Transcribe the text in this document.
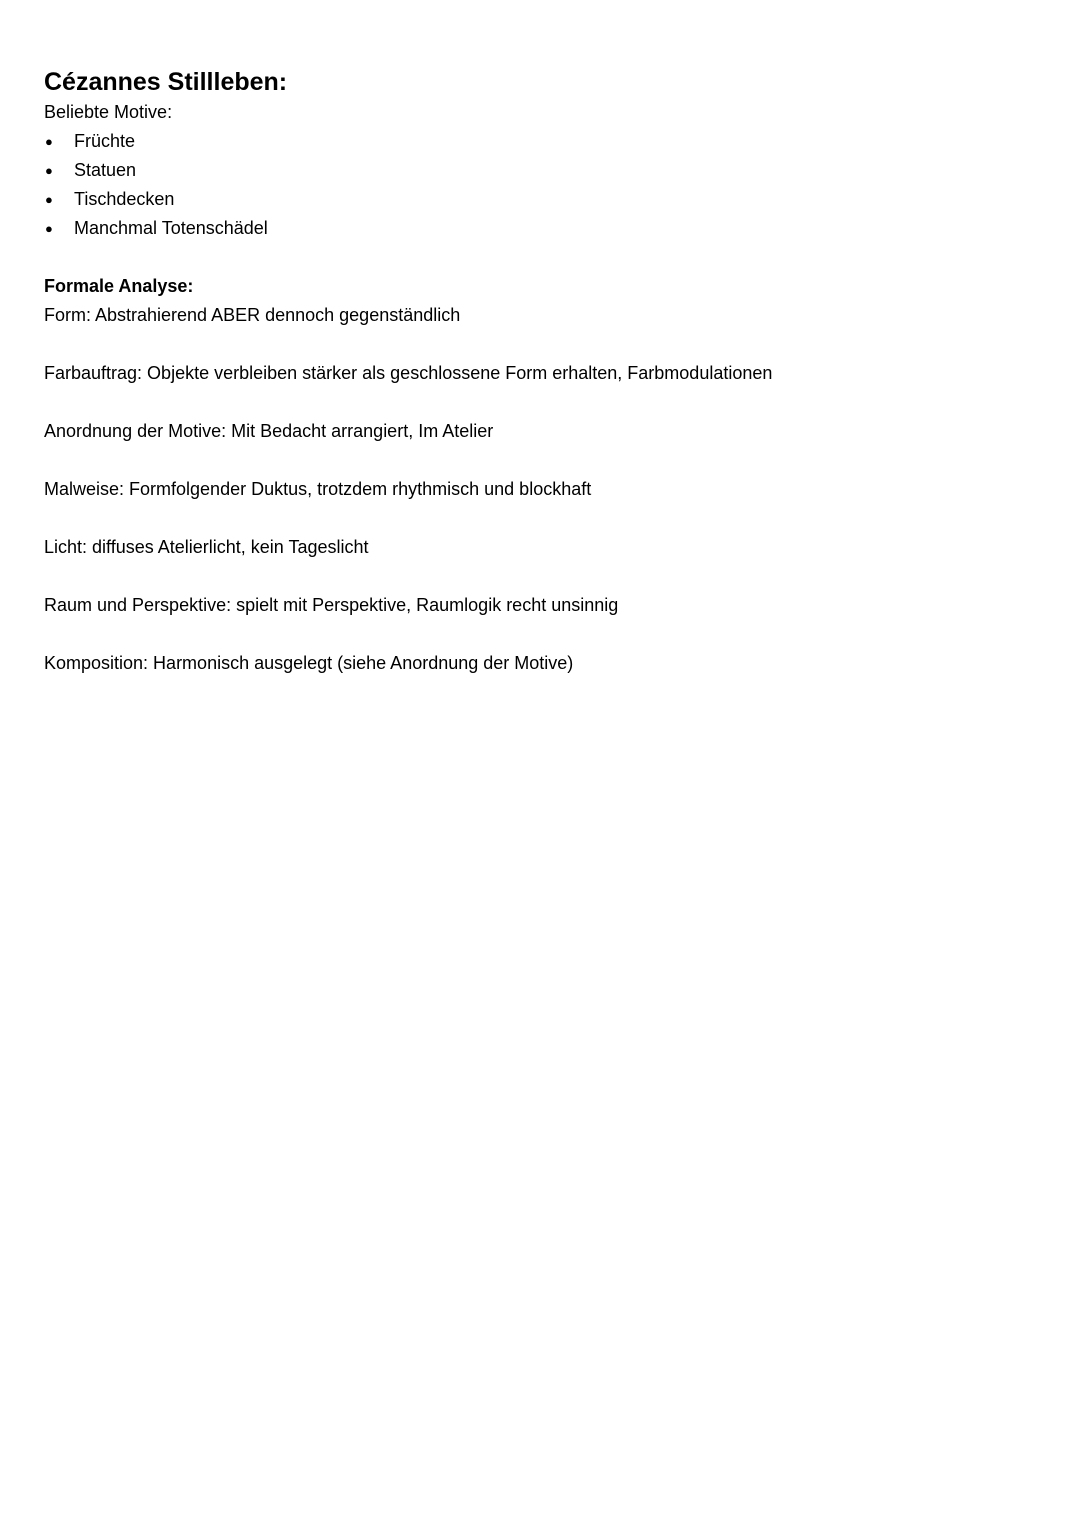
Cézannes Stillleben:

Beliebte Motive:

● Früchte
● Statuen
● Tischdecken
● Manchmal Totenschädel

Formale Analyse:

Form: Abstrahierend ABER dennoch gegenständlich

Farbauftrag: Objekte verbleiben stärker als geschlossene Form erhalten, Farbmodulationen

Anordnung der Motive: Mit Bedacht arrangiert, Im Atelier

Malweise: Formfolgender Duktus, trotzdem rhythmisch und blockhaft

Licht: diffuses Atelierlicht, kein Tageslicht

Raum und Perspektive: spielt mit Perspektive, Raumlogik recht unsinnig

Komposition: Harmonisch ausgelegt (siehe Anordnung der Motive)
